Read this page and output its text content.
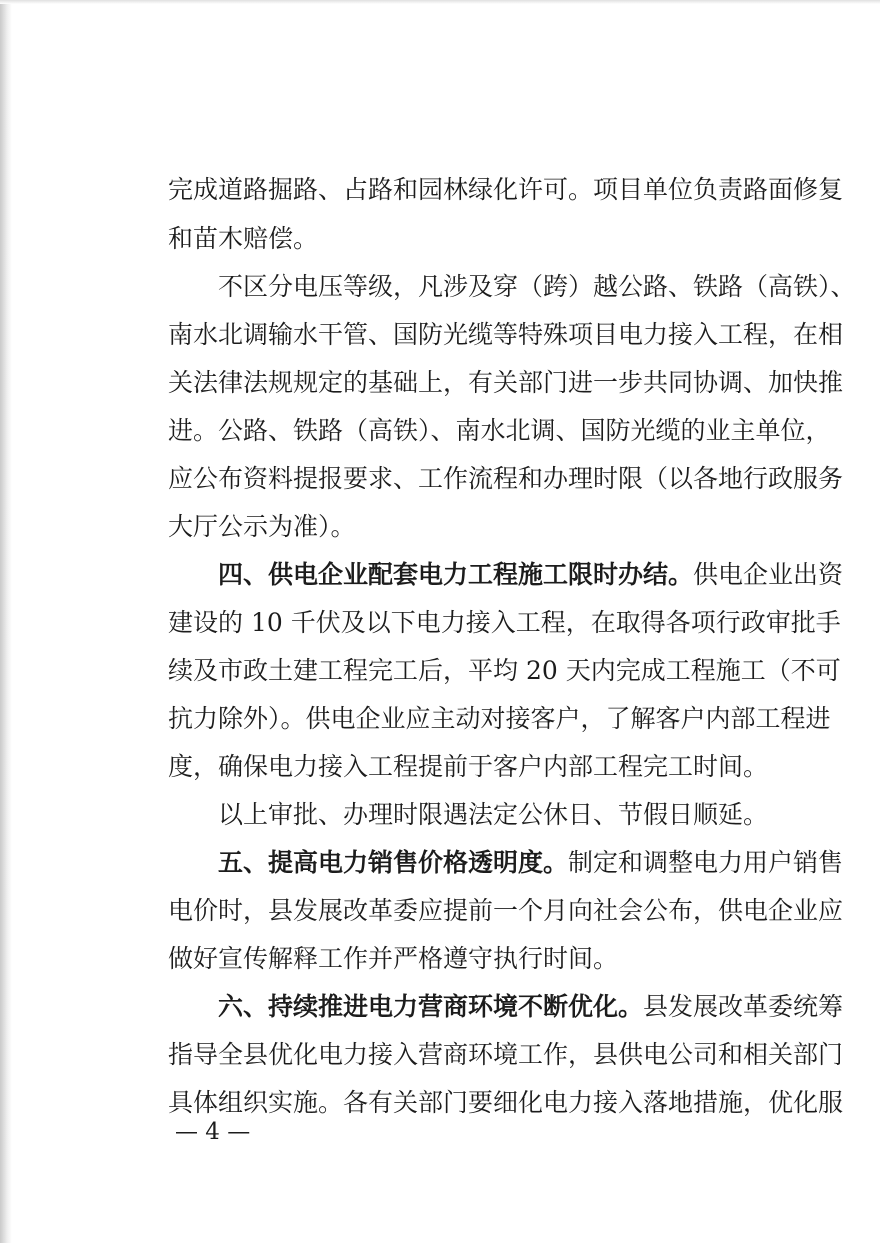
完成道路掘路、占路和园林绿化许可。项目单位负责路面修复
和苗木赔偿。
不区分电压等级，凡涉及穿（跨）越公路、铁路（高铁）、
南水北调输水干管、国防光缆等特殊项目电力接入工程，在相
关法律法规规定的基础上，有关部门进一步共同协调、加快推
进。公路、铁路（高铁）、南水北调、国防光缆的业主单位，
应公布资料提报要求、工作流程和办理时限（以各地行政服务
大厅公示为准）。
四、供电企业配套电力工程施工限时办结。供电企业出资
建设的 10 千伏及以下电力接入工程，在取得各项行政审批手
续及市政土建工程完工后，平均 20 天内完成工程施工（不可
抗力除外）。供电企业应主动对接客户，了解客户内部工程进
度，确保电力接入工程提前于客户内部工程完工时间。
以上审批、办理时限遇法定公休日、节假日顺延。
五、提高电力销售价格透明度。制定和调整电力用户销售
电价时，县发展改革委应提前一个月向社会公布，供电企业应
做好宣传解释工作并严格遵守执行时间。
六、持续推进电力营商环境不断优化。县发展改革委统筹
指导全县优化电力接入营商环境工作，县供电公司和相关部门
具体组织实施。各有关部门要细化电力接入落地措施，优化服
— 4 —
